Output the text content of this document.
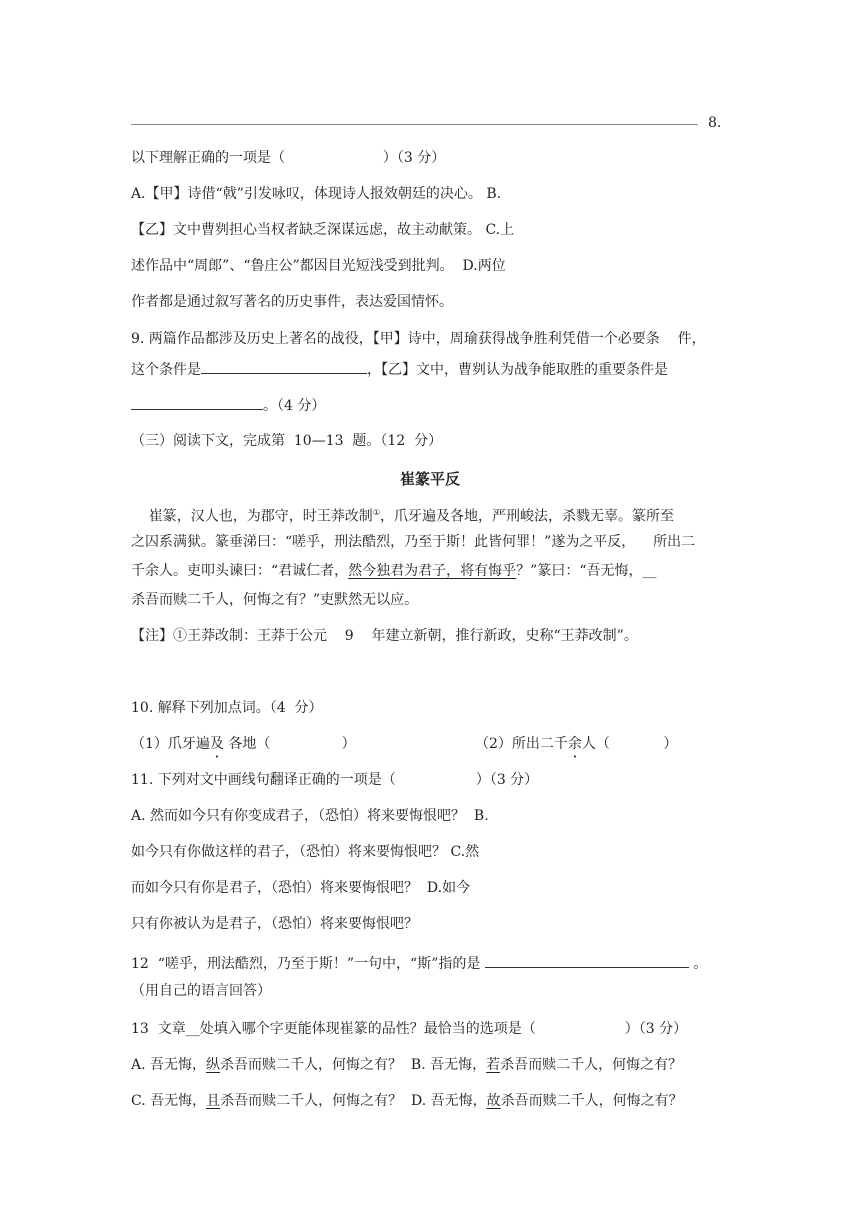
8.
以下理解正确的一项是（                      ）（3 分）
A.【甲】诗借“戟”引发咏叹，体现诗人报效朝廷的决心。 B.
【乙】文中曹刿担心当权者缺乏深谋远虑，故主动献策。 C.上
述作品中“周郎”、“鲁庄公”都因目光短浅受到批判。  D.两位
作者都是通过叙写著名的历史事件，表达爱国情怀。
9. 两篇作品都涉及历史上著名的战役，【甲】诗中，周瑜获得战争胜利凭借一个必要条    件，
这个条件是	，【乙】文中，曹刿认为战争能取胜的重要条件是
。（4 分）
（三）阅读下文，完成第  10—13  题。（12  分）
崔篆平反
崔篆，汉人也，为郡守，时王莽改制①，爪牙遍及各地，严刑峻法，杀戮无辜。篆所至
之囚系满狱。篆垂涕曰：“嗟乎，刑法酷烈，乃至于斯！此皆何罪！”遂为之平反，    所出二
千余人。吏叩头谏曰：“君诚仁者，然今独君为君子，将有悔乎？”篆曰：“吾无悔，__
杀吾而赎二千人，何悔之有？”吏默然无以应。
【注】①王莽改制：王莽于公元    9    年建立新朝，推行新政，史称“王莽改制”。
10. 解释下列加点词。（4  分）
（1）爪牙遍及 各地（                ）	（2）所出二千余人（            ）
11. 下列对文中画线句翻译正确的一项是（                  ）（3 分）
A. 然而如今只有你变成君子，（恐怕）将来要悔恨吧？  B.
如今只有你做这样的君子，（恐怕）将来要悔恨吧？ C.然
而如今只有你是君子，（恐怕）将来要悔恨吧？  D.如今
只有你被认为是君子，（恐怕）将来要悔恨吧？
12 “嗟乎，刑法酷烈，乃至于斯！”一句中，“斯”指的是	。
（用自己的语言回答）
13 文章__处填入哪个字更能体现崔篆的品性？最恰当的选项是（                    ）（3 分）
A. 吾无悔，纵杀吾而赎二千人，何悔之有？  B. 吾无悔，若杀吾而赎二千人，何悔之有？
C. 吾无悔，且杀吾而赎二千人，何悔之有？  D. 吾无悔，故杀吾而赎二千人，何悔之有？
